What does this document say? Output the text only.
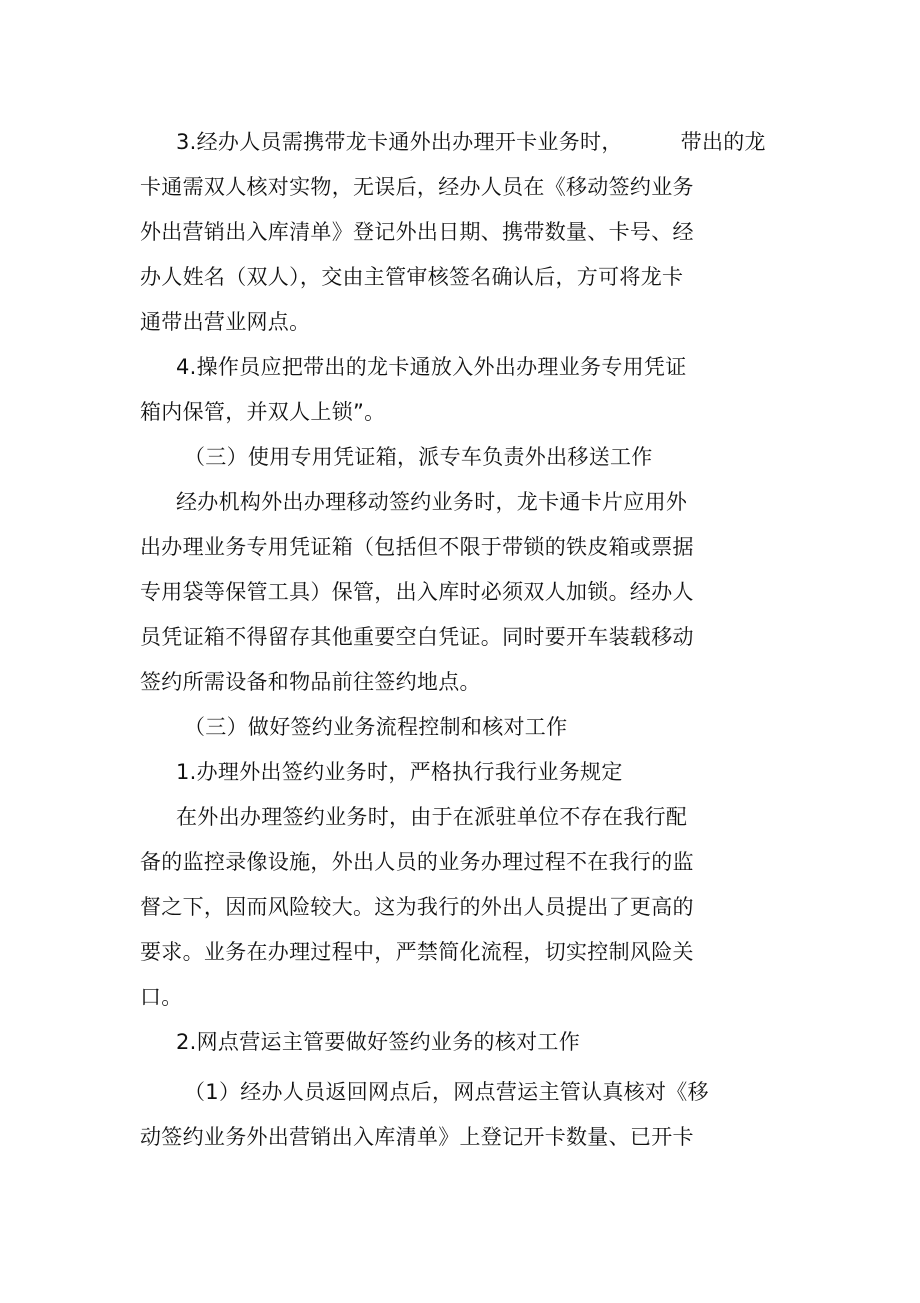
3.经办人员需携带龙卡通外出办理开卡业务时，	带出的龙
卡通需双人核对实物，无误后，经办人员在《移动签约业务
外出营销出入库清单》登记外出日期、携带数量、卡号、经
办人姓名（双人），交由主管审核签名确认后，方可将龙卡
通带出营业网点。
4.操作员应把带出的龙卡通放入外出办理业务专用凭证
箱内保管，并双人上锁”。
（三）使用专用凭证箱，派专车负责外出移送工作
经办机构外出办理移动签约业务时，龙卡通卡片应用外
出办理业务专用凭证箱（包括但不限于带锁的铁皮箱或票据
专用袋等保管工具）保管，出入库时必须双人加锁。经办人
员凭证箱不得留存其他重要空白凭证。同时要开车装载移动
签约所需设备和物品前往签约地点。
（三）做好签约业务流程控制和核对工作
1.办理外出签约业务时，严格执行我行业务规定
在外出办理签约业务时，由于在派驻单位不存在我行配
备的监控录像设施，外出人员的业务办理过程不在我行的监
督之下，因而风险较大。这为我行的外出人员提出了更高的
要求。业务在办理过程中，严禁简化流程，切实控制风险关
口。
2.网点营运主管要做好签约业务的核对工作
（1）经办人员返回网点后，网点营运主管认真核对《移
动签约业务外出营销出入库清单》上登记开卡数量、已开卡
